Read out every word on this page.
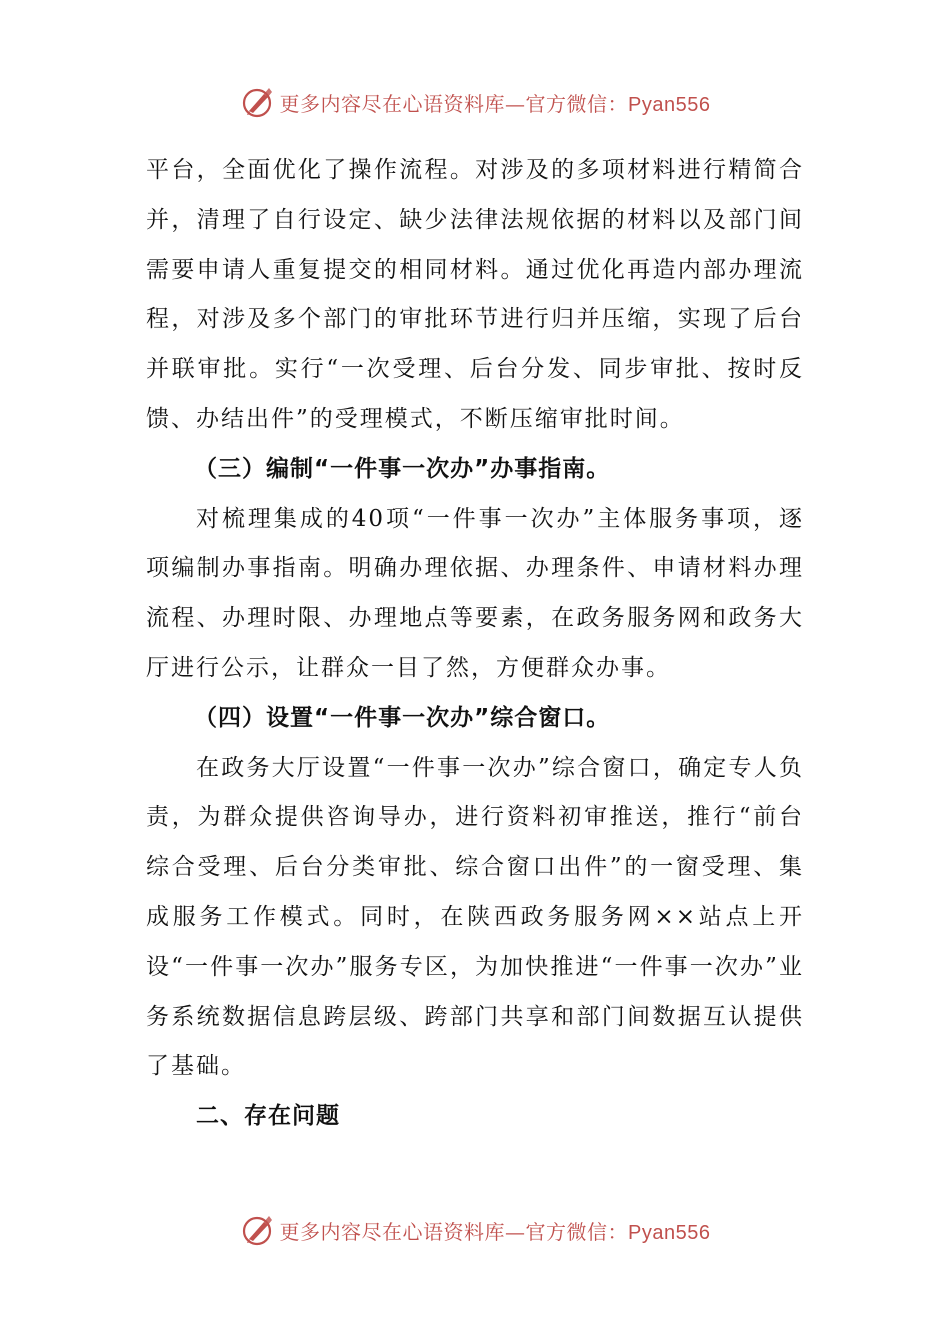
更多内容尽在心语资料库—官方微信：Pyan556

平台，全面优化了操作流程。对涉及的多项材料进行精简合并，清理了自行设定、缺少法律法规依据的材料以及部门间需要申请人重复提交的相同材料。通过优化再造内部办理流程，对涉及多个部门的审批环节进行归并压缩，实现了后台并联审批。实行“一次受理、后台分发、同步审批、按时反馈、办结出件”的受理模式，不断压缩审批时间。

（三）编制“一件事一次办”办事指南。

对梳理集成的40项“一件事一次办”主体服务事项，逐项编制办事指南。明确办理依据、办理条件、申请材料办理流程、办理时限、办理地点等要素，在政务服务网和政务大厅进行公示，让群众一目了然，方便群众办事。

（四）设置“一件事一次办”综合窗口。

在政务大厅设置“一件事一次办”综合窗口，确定专人负责，为群众提供咨询导办，进行资料初审推送，推行“前台综合受理、后台分类审批、综合窗口出件”的一窗受理、集成服务工作模式。同时，在陕西政务服务网××站点上开设“一件事一次办”服务专区，为加快推进“一件事一次办”业务系统数据信息跨层级、跨部门共享和部门间数据互认提供了基础。

二、存在问题

更多内容尽在心语资料库—官方微信：Pyan556
